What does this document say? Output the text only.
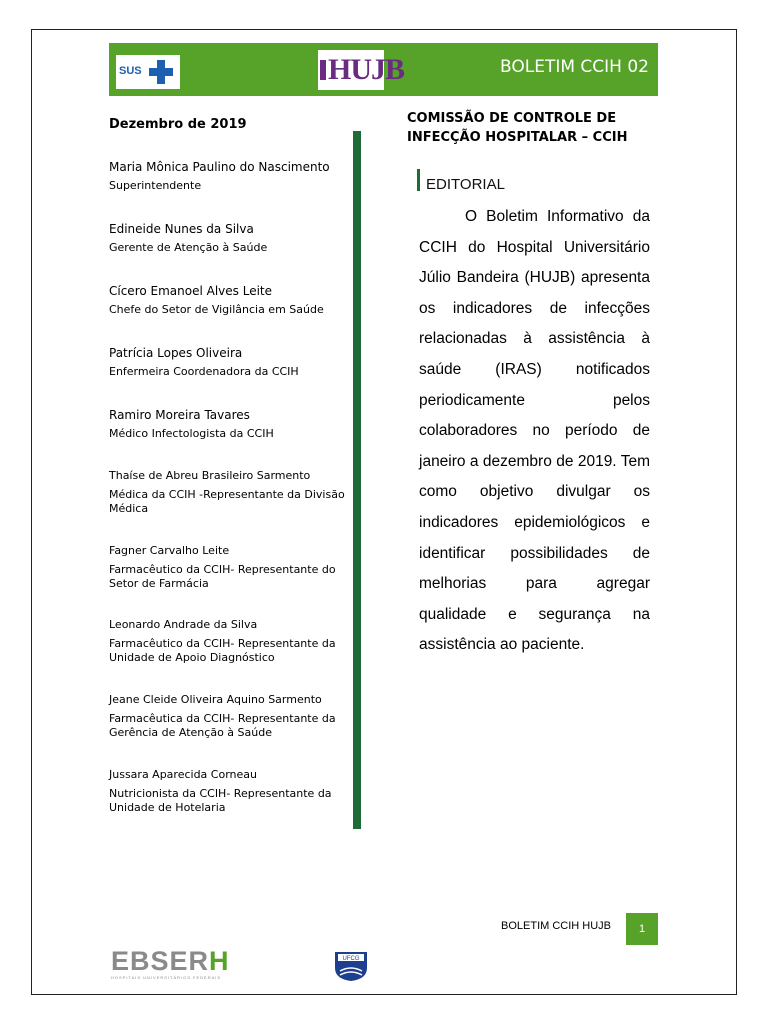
SUS	HUJB	BOLETIM CCIH 02
Dezembro de 2019
Maria Mônica Paulino do Nascimento
Superintendente
Edineide Nunes da Silva
Gerente de Atenção à Saúde
Cícero Emanoel Alves Leite
Chefe do Setor de Vigilância em Saúde
Patrícia Lopes Oliveira
Enfermeira Coordenadora da CCIH
Ramiro Moreira Tavares
Médico Infectologista da CCIH
Thaíse de Abreu Brasileiro Sarmento
Médica da CCIH -Representante da Divisão Médica
Fagner Carvalho Leite
Farmacêutico da CCIH- Representante do Setor de Farmácia
Leonardo Andrade da Silva
Farmacêutico da CCIH- Representante da Unidade de Apoio Diagnóstico
Jeane Cleide Oliveira Aquino Sarmento
Farmacêutica da CCIH- Representante da Gerência de Atenção à Saúde
Jussara Aparecida Corneau
Nutricionista da CCIH- Representante da Unidade de Hotelaria
COMISSÃO DE CONTROLE DE
INFECÇÃO HOSPITALAR – CCIH
EDITORIAL
O Boletim Informativo da CCIH do Hospital Universitário Júlio Bandeira (HUJB) apresenta os indicadores de infecções relacionadas à assistência à saúde (IRAS) notificados periodicamente pelos colaboradores no período de janeiro a dezembro de 2019. Tem como objetivo divulgar os indicadores epidemiológicos e identificar possibilidades de melhorias para agregar qualidade e segurança na assistência ao paciente.
BOLETIM CCIH HUJB	1
EBSERH
HOSPITAIS UNIVERSITÁRIOS FEDERAIS
UFCG
